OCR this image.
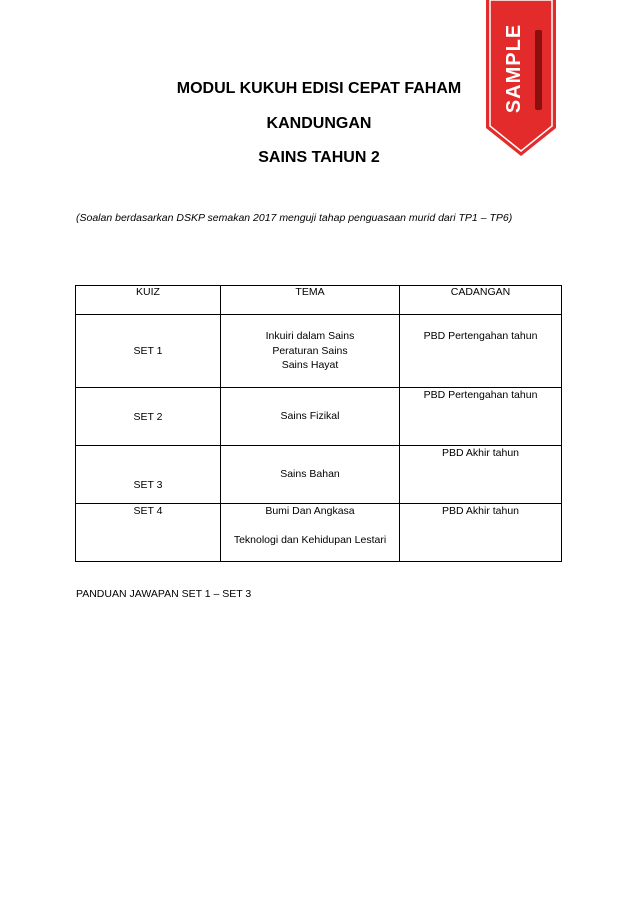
MODUL KUKUH EDISI CEPAT FAHAM
KANDUNGAN
SAINS TAHUN 2
(Soalan berdasarkan DSKP semakan 2017 menguji tahap penguasaan murid dari TP1 – TP6)
KUIZ	TEMA	CADANGAN
SET 1	Inkuiri dalam Sains
Peraturan Sains
Sains Hayat	PBD Pertengahan tahun

SET 2	Sains Fizikal	PBD Pertengahan tahun

SET 3	Sains Bahan	PBD Akhir tahun

SET 4	Bumi Dan Angkasa
Teknologi dan Kehidupan Lestari	PBD Akhir tahun
PANDUAN JAWAPAN SET 1 – SET 3
SAMPLE
